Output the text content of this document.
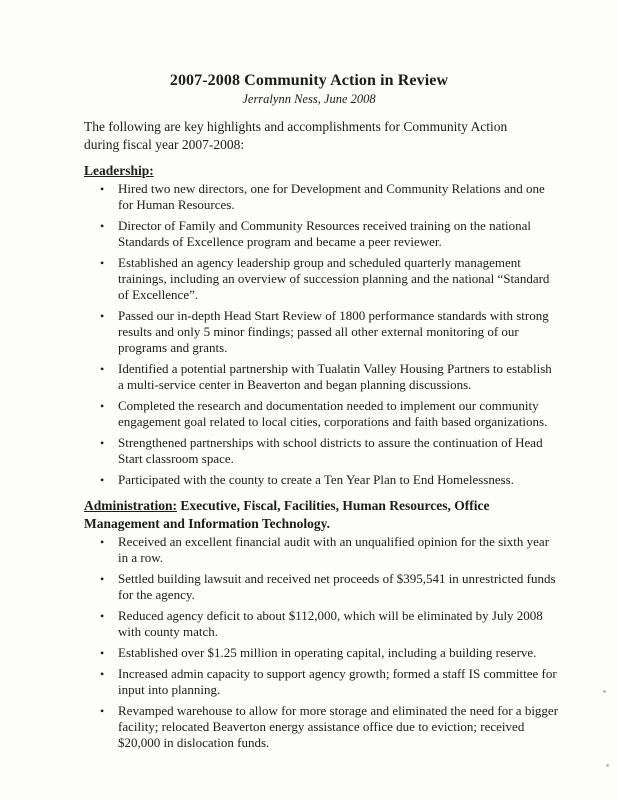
2007-2008 Community Action in Review
Jerralynn Ness, June 2008
The following are key highlights and accomplishments for Community Action during fiscal year 2007-2008:
Leadership:
• Hired two new directors, one for Development and Community Relations and one for Human Resources.
• Director of Family and Community Resources received training on the national Standards of Excellence program and became a peer reviewer.
• Established an agency leadership group and scheduled quarterly management trainings, including an overview of succession planning and the national “Standard of Excellence”.
• Passed our in-depth Head Start Review of 1800 performance standards with strong results and only 5 minor findings; passed all other external monitoring of our programs and grants.
• Identified a potential partnership with Tualatin Valley Housing Partners to establish a multi-service center in Beaverton and began planning discussions.
• Completed the research and documentation needed to implement our community engagement goal related to local cities, corporations and faith based organizations.
• Strengthened partnerships with school districts to assure the continuation of Head Start classroom space.
• Participated with the county to create a Ten Year Plan to End Homelessness.
Administration: Executive, Fiscal, Facilities, Human Resources, Office Management and Information Technology.
• Received an excellent financial audit with an unqualified opinion for the sixth year in a row.
• Settled building lawsuit and received net proceeds of $395,541 in unrestricted funds for the agency.
• Reduced agency deficit to about $112,000, which will be eliminated by July 2008 with county match.
• Established over $1.25 million in operating capital, including a building reserve.
• Increased admin capacity to support agency growth; formed a staff IS committee for input into planning.
• Revamped warehouse to allow for more storage and eliminated the need for a bigger facility; relocated Beaverton energy assistance office due to eviction; received $20,000 in dislocation funds.
